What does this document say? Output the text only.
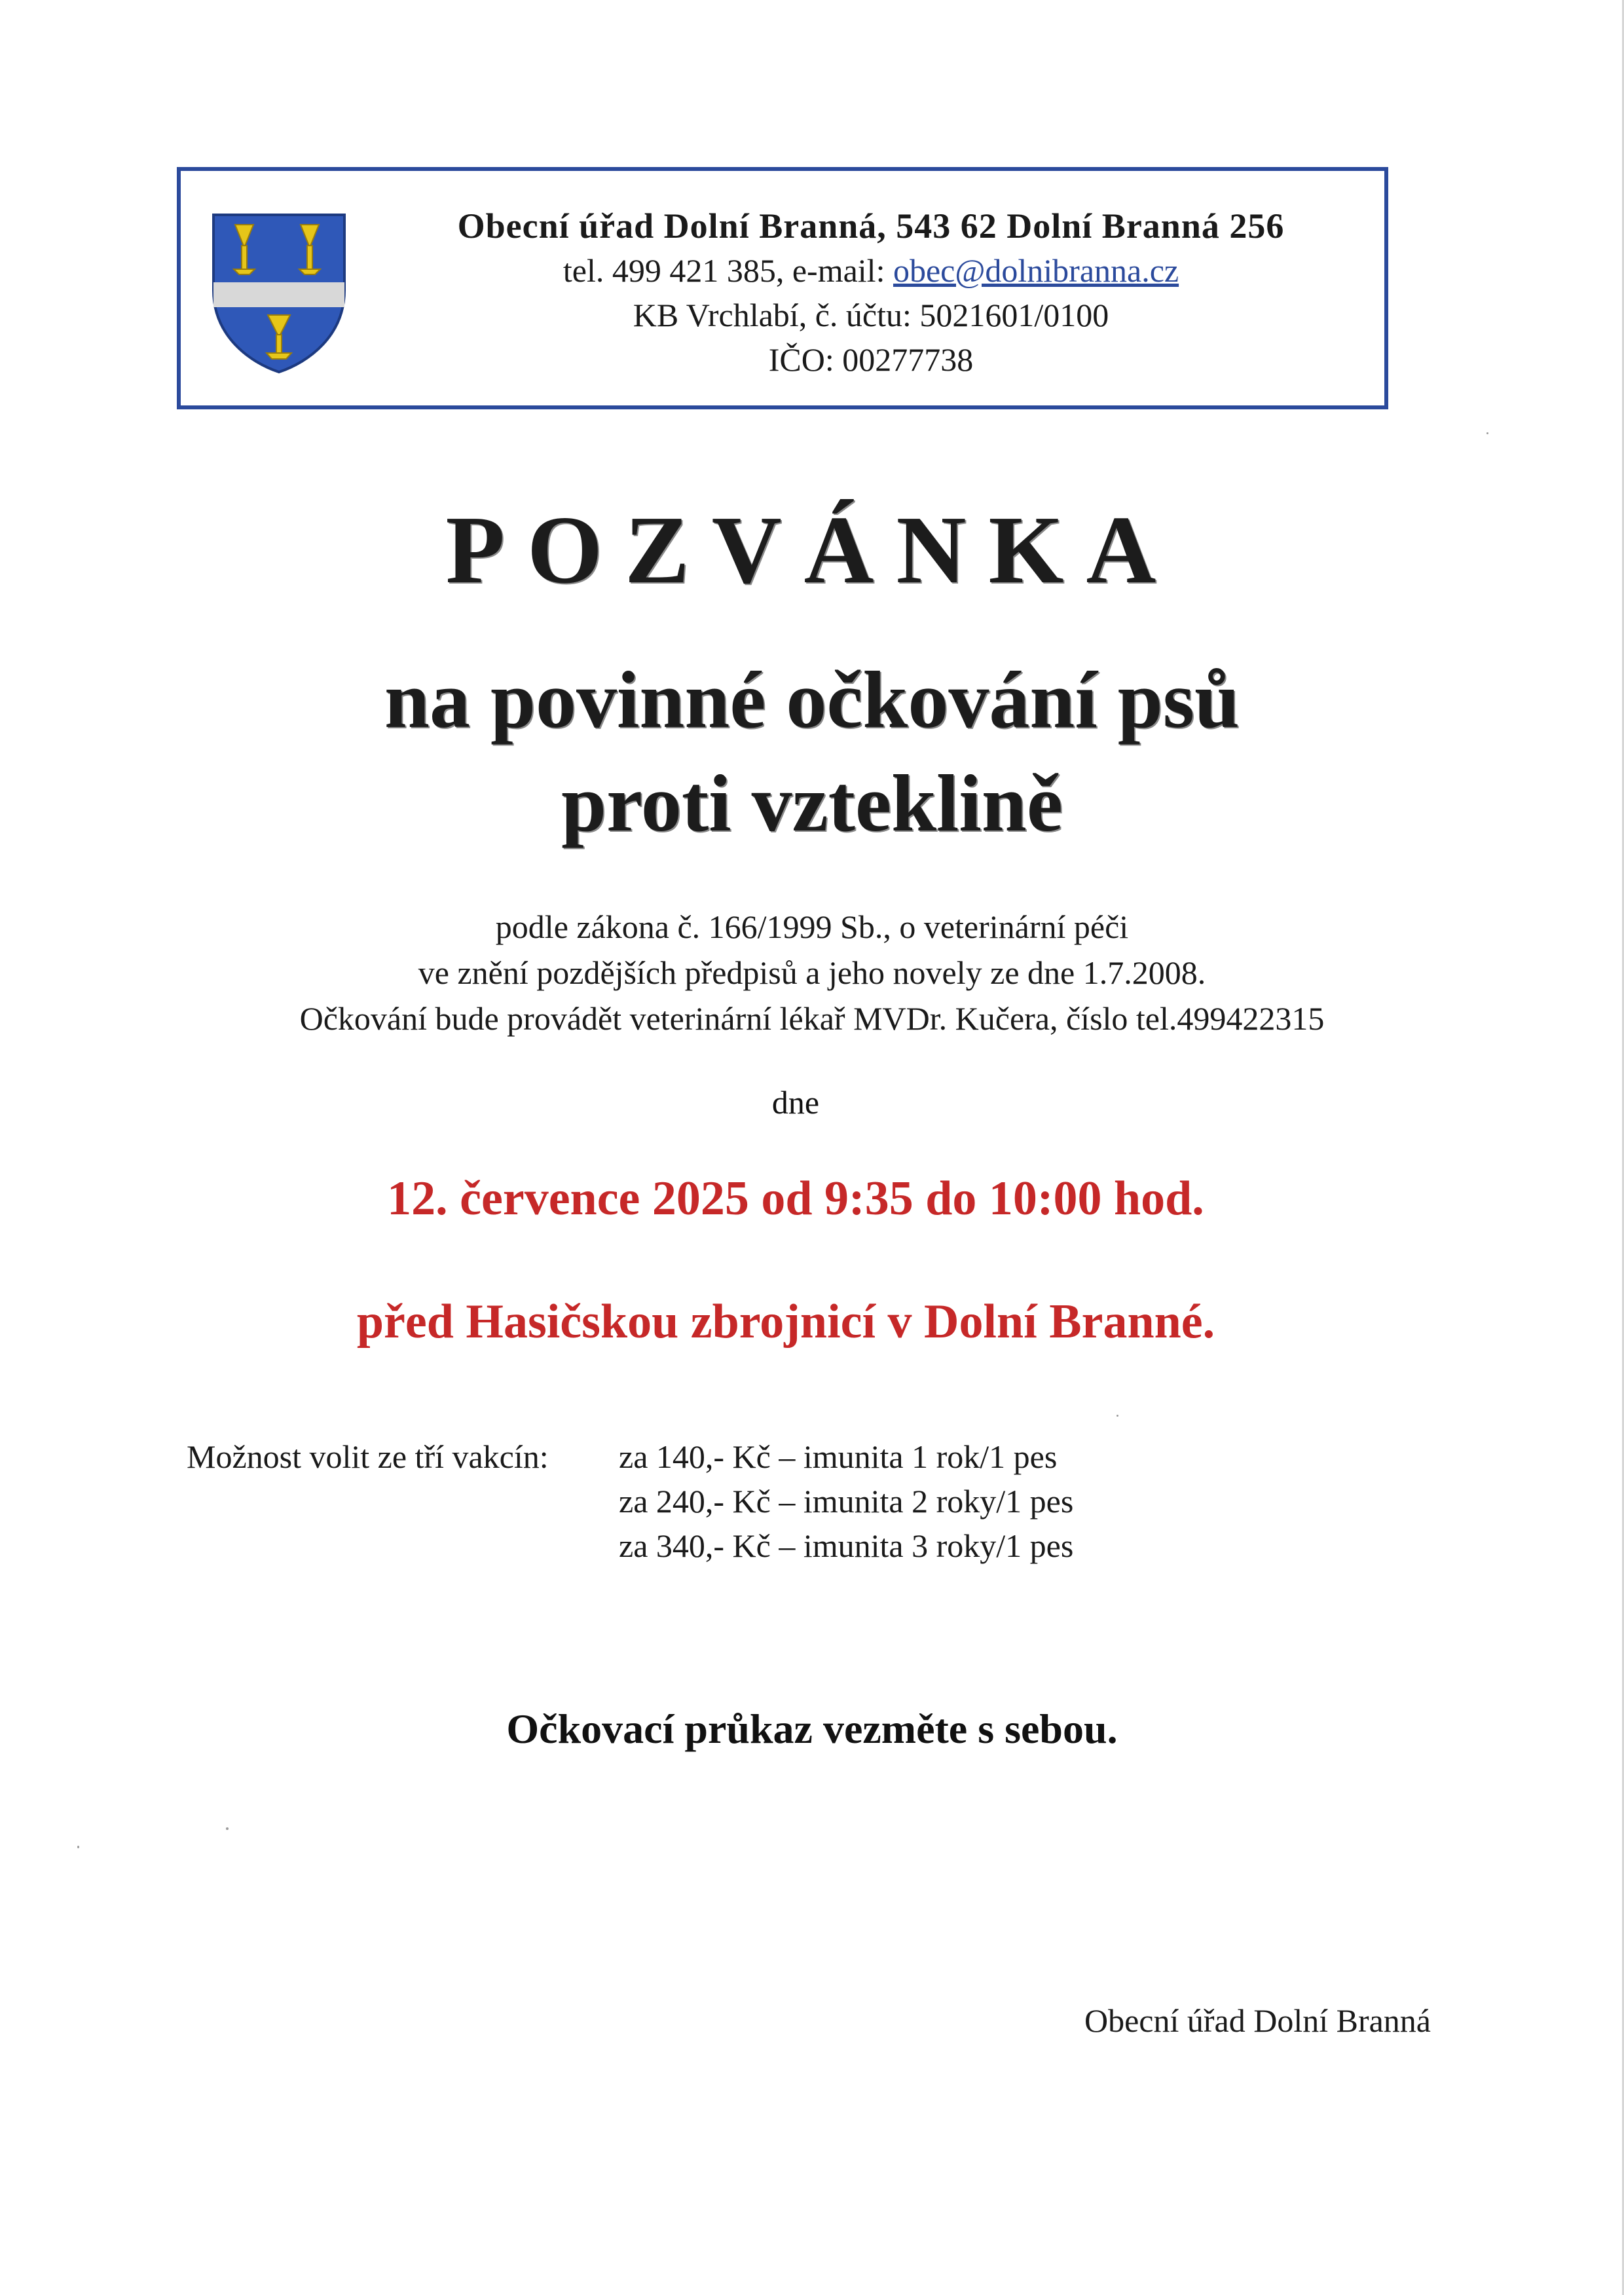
Obecní úřad Dolní Branná, 543 62 Dolní Branná 256
tel. 499 421 385, e-mail: obec@dolnibranna.cz
KB Vrchlabí, č. účtu: 5021601/0100
IČO: 00277738
POZVÁNKA
na povinné očkování psů
proti vzteklině
podle zákona č. 166/1999 Sb., o veterinární péči
ve znění pozdějších předpisů a jeho novely ze dne 1.7.2008.
Očkování bude provádět veterinární lékař MVDr. Kučera, číslo tel.499422315
dne
12. července 2025 od 9:35 do 10:00 hod.
před Hasičskou zbrojnicí v Dolní Branné.
Možnost volit ze tří vakcín: za 140,- Kč – imunita 1 rok/1 pes
za 240,- Kč – imunita 2 roky/1 pes
za 340,- Kč – imunita 3 roky/1 pes
Očkovací průkaz vezměte s sebou.
Obecní úřad Dolní Branná
